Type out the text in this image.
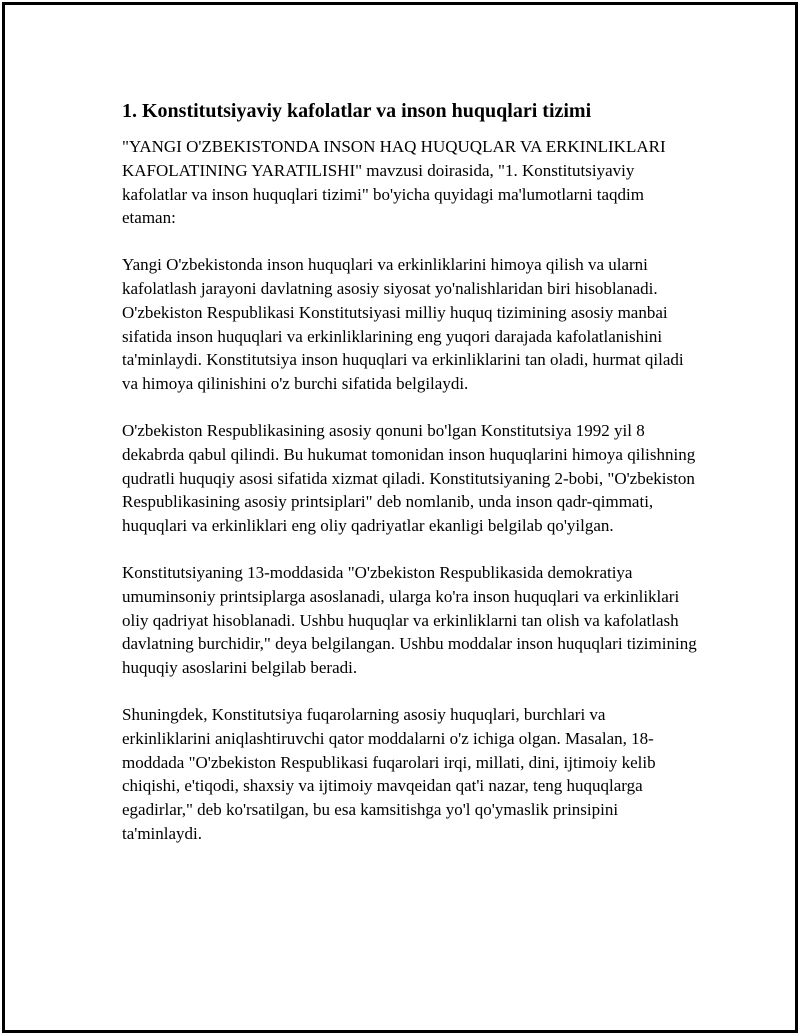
1. Konstitutsiyaviy kafolatlar va inson huquqlari tizimi

"YANGI O'ZBEKISTONDA INSON HAQ HUQUQLAR VA ERKINLIKLARI KAFOLATINING YARATILISHI" mavzusi doirasida, "1. Konstitutsiyaviy kafolatlar va inson huquqlari tizimi" bo'yicha quyidagi ma'lumotlarni taqdim etaman:

Yangi O'zbekistonda inson huquqlari va erkinliklarini himoya qilish va ularni kafolatlash jarayoni davlatning asosiy siyosat yo'nalishlaridan biri hisoblanadi. O'zbekiston Respublikasi Konstitutsiyasi milliy huquq tizimining asosiy manbai sifatida inson huquqlari va erkinliklarining eng yuqori darajada kafolatlanishini ta'minlaydi. Konstitutsiya inson huquqlari va erkinliklarini tan oladi, hurmat qiladi va himoya qilinishini o'z burchi sifatida belgilaydi.

O'zbekiston Respublikasining asosiy qonuni bo'lgan Konstitutsiya 1992 yil 8 dekabrda qabul qilindi. Bu hukumat tomonidan inson huquqlarini himoya qilishning qudratli huquqiy asosi sifatida xizmat qiladi. Konstitutsiyaning 2-bobi, "O'zbekiston Respublikasining asosiy printsiplari" deb nomlanib, unda inson qadr-qimmati, huquqlari va erkinliklari eng oliy qadriyatlar ekanligi belgilab qo'yilgan.

Konstitutsiyaning 13-moddasida "O'zbekiston Respublikasida demokratiya umuminsoniy printsiplarga asoslanadi, ularga ko'ra inson huquqlari va erkinliklari oliy qadriyat hisoblanadi. Ushbu huquqlar va erkinliklarni tan olish va kafolatlash davlatning burchidir," deya belgilangan. Ushbu moddalar inson huquqlari tizimining huquqiy asoslarini belgilab beradi.

Shuningdek, Konstitutsiya fuqarolarning asosiy huquqlari, burchlari va erkinliklarini aniqlashtiruvchi qator moddalarni o'z ichiga olgan. Masalan, 18-moddada "O'zbekiston Respublikasi fuqarolari irqi, millati, dini, ijtimoiy kelib chiqishi, e'tiqodi, shaxsiy va ijtimoiy mavqeidan qat'i nazar, teng huquqlarga egadirlar," deb ko'rsatilgan, bu esa kamsitishga yo'l qo'ymaslik prinsipini ta'minlaydi.
